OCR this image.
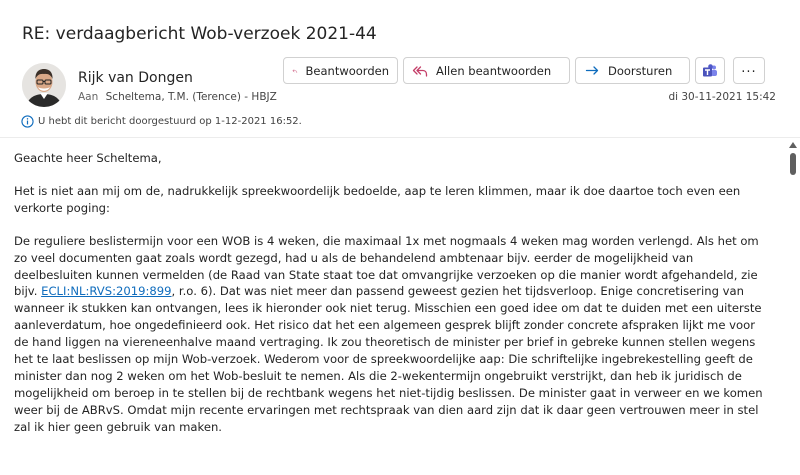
RE: verdaagbericht Wob-verzoek 2021-44
Rijk van Dongen
Aan Scheltema, T.M. (Terence) - HBJZ
U hebt dit bericht doorgestuurd op 1-12-2021 16:52.
Beantwoorden	Allen beantwoorden	Doorsturen	...
di 30-11-2021 15:42

Geachte heer Scheltema,

Het is niet aan mij om de, nadrukkelijk spreekwoordelijk bedoelde, aap te leren klimmen, maar ik doe daartoe toch even een verkorte poging:

De reguliere beslistermijn voor een WOB is 4 weken, die maximaal 1x met nogmaals 4 weken mag worden verlengd. Als het om zo veel documenten gaat zoals wordt gezegd, had u als de behandelend ambtenaar bijv. eerder de mogelijkheid van deelbesluiten kunnen vermelden (de Raad van State staat toe dat omvangrijke verzoeken op die manier wordt afgehandeld, zie bijv. ECLI:NL:RVS:2019:899, r.o. 6). Dat was niet meer dan passend geweest gezien het tijdsverloop. Enige concretisering van wanneer ik stukken kan ontvangen, lees ik hieronder ook niet terug. Misschien een goed idee om dat te duiden met een uiterste aanleverdatum, hoe ongedefinieerd ook. Het risico dat het een algemeen gesprek blijft zonder concrete afspraken lijkt me voor de hand liggen na viereneenhalve maand vertraging. Ik zou theoretisch de minister per brief in gebreke kunnen stellen wegens het te laat beslissen op mijn Wob-verzoek. Wederom voor de spreekwoordelijke aap: Die schriftelijke ingebrekestelling geeft de minister dan nog 2 weken om het Wob-besluit te nemen. Als die 2-wekentermijn ongebruikt verstrijkt, dan heb ik juridisch de mogelijkheid om beroep in te stellen bij de rechtbank wegens het niet-tijdig beslissen. De minister gaat in verweer en we komen weer bij de ABRvS. Omdat mijn recente ervaringen met rechtspraak van dien aard zijn dat ik daar geen vertrouwen meer in stel zal ik hier geen gebruik van maken.
